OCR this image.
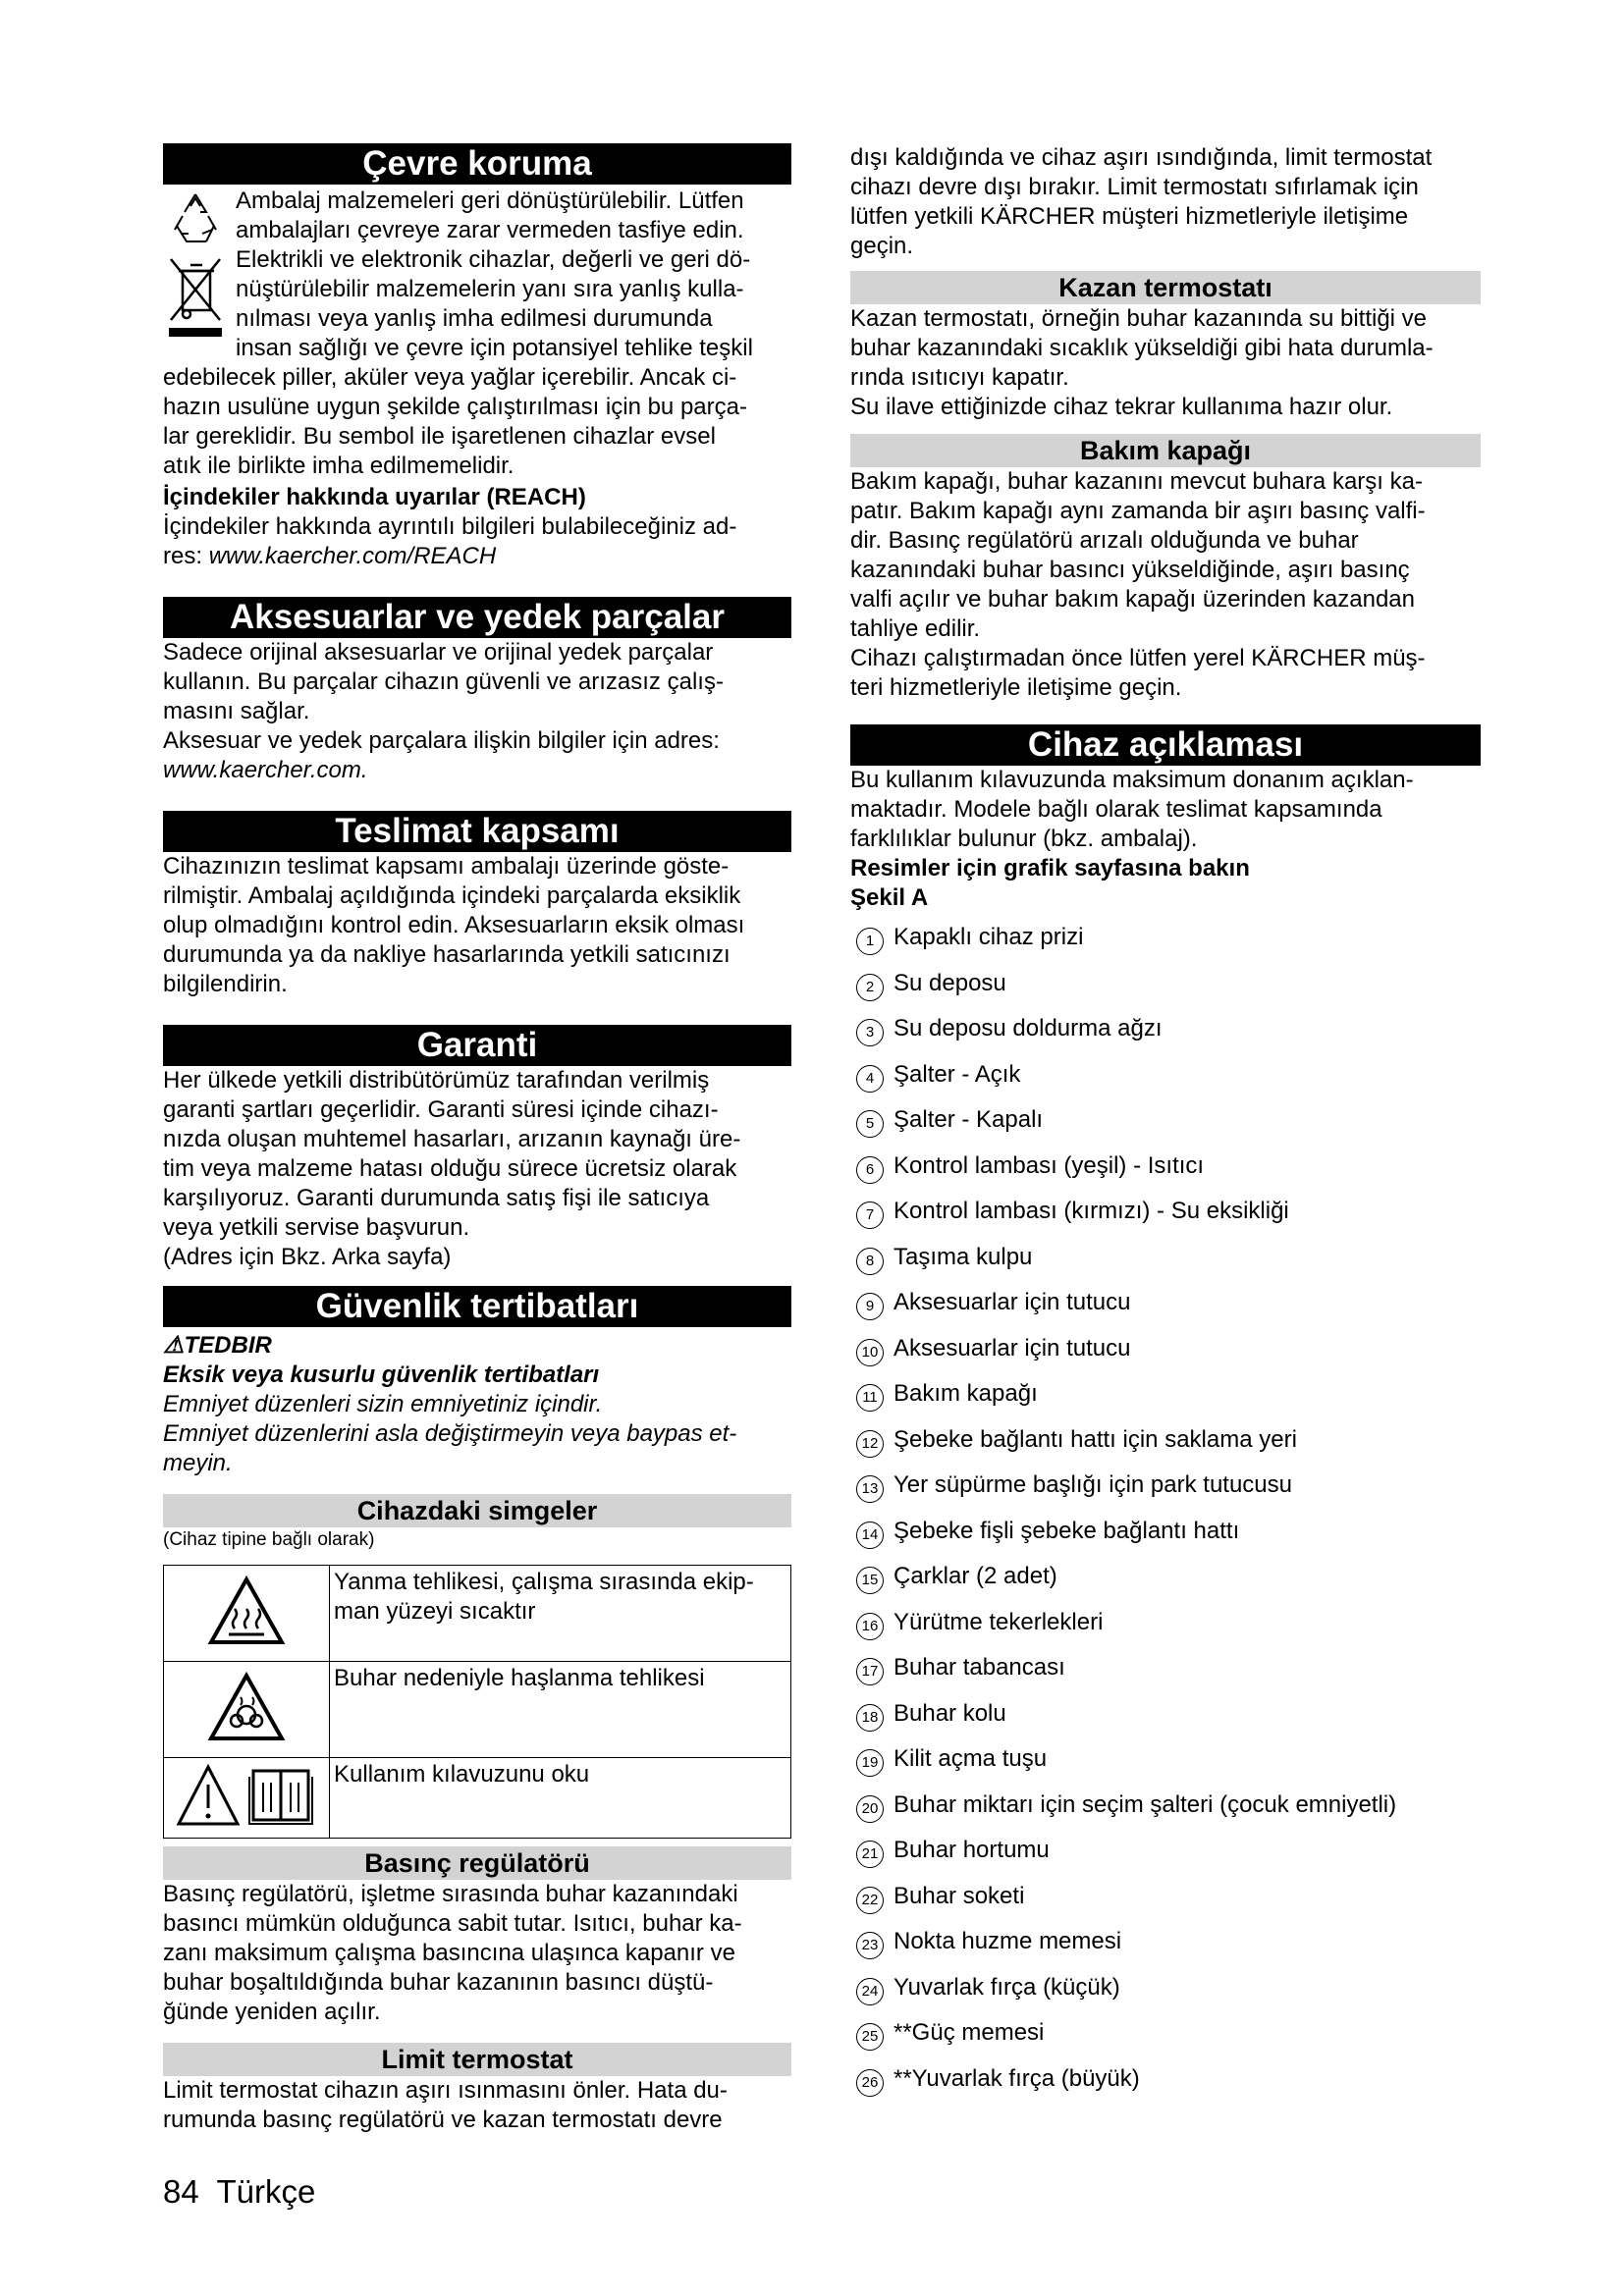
Çevre koruma

Ambalaj malzemeleri geri dönüştürülebilir. Lütfen

ambalajları çevreye zarar vermeden tasfiye edin.

Elektrikli ve elektronik cihazlar, değerli ve geri dö-

nüştürülebilir malzemelerin yanı sıra yanlış kulla-

nılması veya yanlış imha edilmesi durumunda

insan sağlığı ve çevre için potansiyel tehlike teşkil

edebilecek piller, aküler veya yağlar içerebilir. Ancak ci-

hazın usulüne uygun şekilde çalıştırılması için bu parça-

lar gereklidir. Bu sembol ile işaretlenen cihazlar evsel

atık ile birlikte imha edilmemelidir.

İçindekiler hakkında uyarılar (REACH)

İçindekiler hakkında ayrıntılı bilgileri bulabileceğiniz ad-

res: www.kaercher.com/REACH

Aksesuarlar ve yedek parçalar

Sadece orijinal aksesuarlar ve orijinal yedek parçalar

kullanın. Bu parçalar cihazın güvenli ve arızasız çalış-

masını sağlar.

Aksesuar ve yedek parçalara ilişkin bilgiler için adres:

www.kaercher.com.

Teslimat kapsamı

Cihazınızın teslimat kapsamı ambalajı üzerinde göste-

rilmiştir. Ambalaj açıldığında içindeki parçalarda eksiklik

olup olmadığını kontrol edin. Aksesuarların eksik olması

durumunda ya da nakliye hasarlarında yetkili satıcınızı

bilgilendirin.

Garanti

Her ülkede yetkili distribütörümüz tarafından verilmiş

garanti şartları geçerlidir. Garanti süresi içinde cihazı-

nızda oluşan muhtemel hasarları, arızanın kaynağı üre-

tim veya malzeme hatası olduğu sürece ücretsiz olarak

karşılıyoruz. Garanti durumunda satış fişi ile satıcıya

veya yetkili servise başvurun.

(Adres için Bkz. Arka sayfa)

Güvenlik tertibatları

⚠TEDBIR

Eksik veya kusurlu güvenlik tertibatları

Emniyet düzenleri sizin emniyetiniz içindir.

Emniyet düzenlerini asla değiştirmeyin veya baypas et-

meyin.

Cihazdaki simgeler

(Cihaz tipine bağlı olarak)

Yanma tehlikesi, çalışma sırasında ekip-
man yüzeyi sıcaktır

Buhar nedeniyle haşlanma tehlikesi

Kullanım kılavuzunu oku
Basınç regülatörü

Basınç regülatörü, işletme sırasında buhar kazanındaki

basıncı mümkün olduğunca sabit tutar. Isıtıcı, buhar ka-

zanı maksimum çalışma basıncına ulaşınca kapanır ve

buhar boşaltıldığında buhar kazanının basıncı düştü-

ğünde yeniden açılır.

Limit termostat

Limit termostat cihazın aşırı ısınmasını önler. Hata du-

rumunda basınç regülatörü ve kazan termostatı devre

dışı kaldığında ve cihaz aşırı ısındığında, limit termostat

cihazı devre dışı bırakır. Limit termostatı sıfırlamak için

lütfen yetkili KÄRCHER müşteri hizmetleriyle iletişime

geçin.

Kazan termostatı

Kazan termostatı, örneğin buhar kazanında su bittiği ve

buhar kazanındaki sıcaklık yükseldiği gibi hata durumla-

rında ısıtıcıyı kapatır.

Su ilave ettiğinizde cihaz tekrar kullanıma hazır olur.

Bakım kapağı

Bakım kapağı, buhar kazanını mevcut buhara karşı ka-

patır. Bakım kapağı aynı zamanda bir aşırı basınç valfi-

dir. Basınç regülatörü arızalı olduğunda ve buhar

kazanındaki buhar basıncı yükseldiğinde, aşırı basınç

valfi açılır ve buhar bakım kapağı üzerinden kazandan

tahliye edilir.

Cihazı çalıştırmadan önce lütfen yerel KÄRCHER müş-

teri hizmetleriyle iletişime geçin.

Cihaz açıklaması

Bu kullanım kılavuzunda maksimum donanım açıklan-

maktadır. Modele bağlı olarak teslimat kapsamında

farklılıklar bulunur (bkz. ambalaj).

Resimler için grafik sayfasına bakın

Şekil A

1 Kapaklı cihaz prizi
2 Su deposu
3 Su deposu doldurma ağzı
4 Şalter - Açık
5 Şalter - Kapalı
6 Kontrol lambası (yeşil) - Isıtıcı
7 Kontrol lambası (kırmızı) - Su eksikliği
8 Taşıma kulpu
9 Aksesuarlar için tutucu
10 Aksesuarlar için tutucu
11 Bakım kapağı
12 Şebeke bağlantı hattı için saklama yeri
13 Yer süpürme başlığı için park tutucusu
14 Şebeke fişli şebeke bağlantı hattı
15 Çarklar (2 adet)
16 Yürütme tekerlekleri
17 Buhar tabancası
18 Buhar kolu
19 Kilit açma tuşu
20 Buhar miktarı için seçim şalteri (çocuk emniyetli)
21 Buhar hortumu
22 Buhar soketi
23 Nokta huzme memesi
24 Yuvarlak fırça (küçük)
25 **Güç memesi
26 **Yuvarlak fırça (büyük)
84 Türkçe
